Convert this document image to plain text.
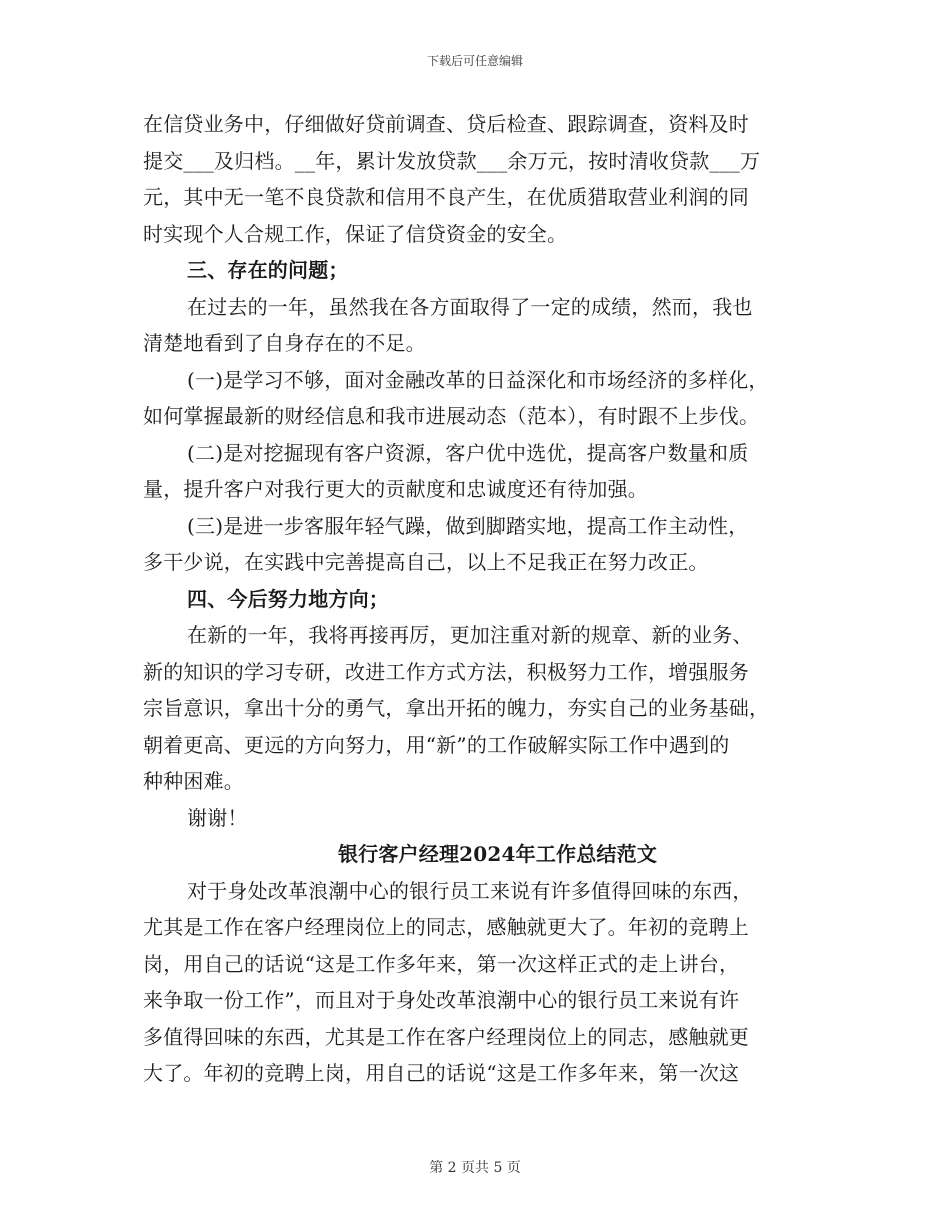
下载后可任意编辑
在信贷业务中，仔细做好贷前调查、贷后检查、跟踪调查，资料及时
提交___及归档。__年，累计发放贷款___余万元，按时清收贷款___万
元，其中无一笔不良贷款和信用不良产生，在优质猎取营业利润的同
时实现个人合规工作，保证了信贷资金的安全。
三、存在的问题；
在过去的一年，虽然我在各方面取得了一定的成绩，然而，我也
清楚地看到了自身存在的不足。
(一)是学习不够，面对金融改革的日益深化和市场经济的多样化，
如何掌握最新的财经信息和我市进展动态（范本），有时跟不上步伐。
(二)是对挖掘现有客户资源，客户优中选优，提高客户数量和质
量，提升客户对我行更大的贡献度和忠诚度还有待加强。
(三)是进一步客服年轻气躁，做到脚踏实地，提高工作主动性，
多干少说，在实践中完善提高自己，以上不足我正在努力改正。
四、今后努力地方向；
在新的一年，我将再接再厉，更加注重对新的规章、新的业务、
新的知识的学习专研，改进工作方式方法，积极努力工作，增强服务
宗旨意识，拿出十分的勇气，拿出开拓的魄力，夯实自己的业务基础，
朝着更高、更远的方向努力，用“新”的工作破解实际工作中遇到的
种种困难。
谢谢！
银行客户经理2024年工作总结范文
对于身处改革浪潮中心的银行员工来说有许多值得回味的东西，
尤其是工作在客户经理岗位上的同志，感触就更大了。年初的竞聘上
岗，用自己的话说“这是工作多年来，第一次这样正式的走上讲台，
来争取一份工作”，而且对于身处改革浪潮中心的银行员工来说有许
多值得回味的东西，尤其是工作在客户经理岗位上的同志，感触就更
大了。年初的竞聘上岗，用自己的话说“这是工作多年来，第一次这
第 2 页共 5 页
